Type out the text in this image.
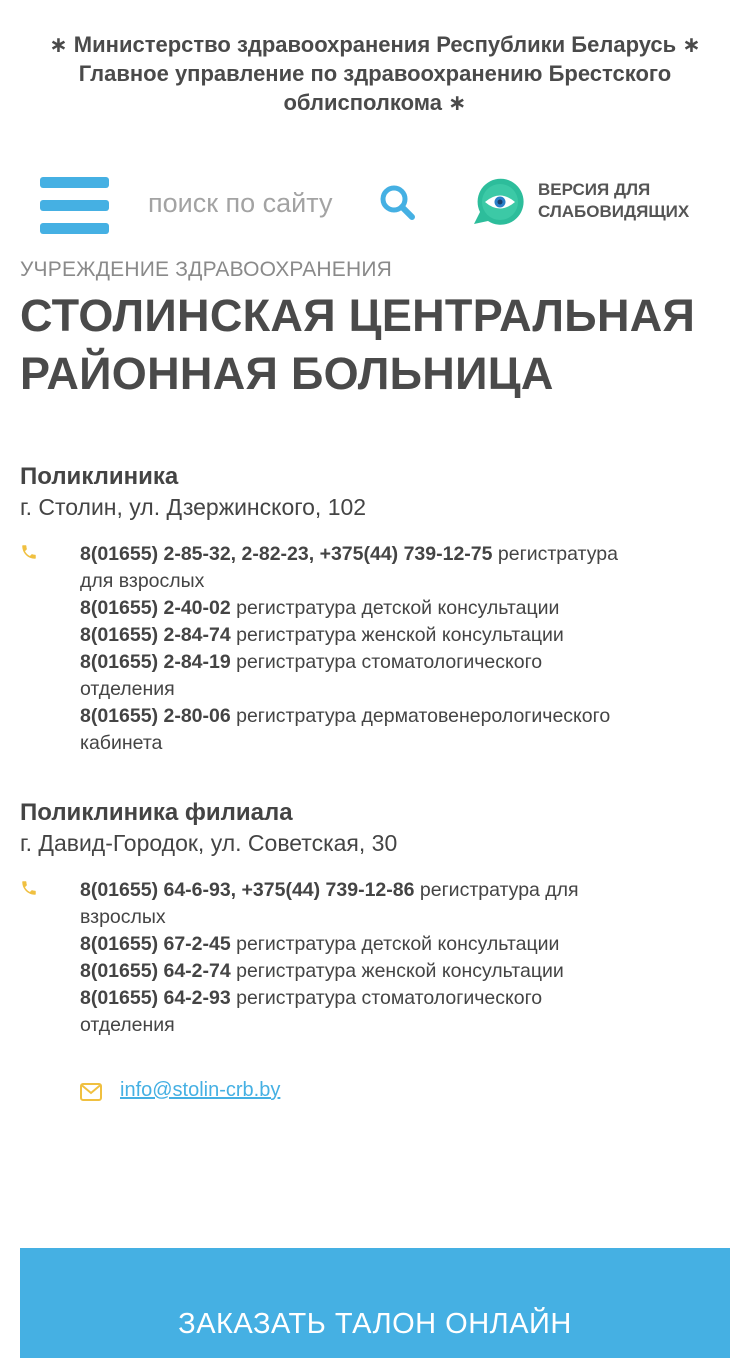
∗ Министерство здравоохранения Республики Беларусь ∗
Главное управление по здравоохранению Брестского облисполкома ∗
поиск по сайту
ВЕРСИЯ ДЛЯ
СЛАБОВИДЯЩИХ
УЧРЕЖДЕНИЕ ЗДРАВООХРАНЕНИЯ
СТОЛИНСКАЯ ЦЕНТРАЛЬНАЯ
РАЙОННАЯ БОЛЬНИЦА
Поликлиника
г. Столин, ул. Дзержинского, 102

8(01655) 2-85-32, 2-82-23, +375(44) 739-12-75 регистратура для взрослых

8(01655) 2-40-02 регистратура детской консультации

8(01655) 2-84-74 регистратура женской консультации

8(01655) 2-84-19 регистратура стоматологического отделения

8(01655) 2-80-06 регистратура дерматовенерологического кабинета

Поликлиника филиала
г. Давид-Городок, ул. Советская, 30

8(01655) 64-6-93, +375(44) 739-12-86 регистратура для взрослых

8(01655) 67-2-45 регистратура детской консультации

8(01655) 64-2-74 регистратура женской консультации

8(01655) 64-2-93 регистратура стоматологического отделения

info@stolin-crb.by
ЗАКАЗАТЬ ТАЛОН ОНЛАЙН
